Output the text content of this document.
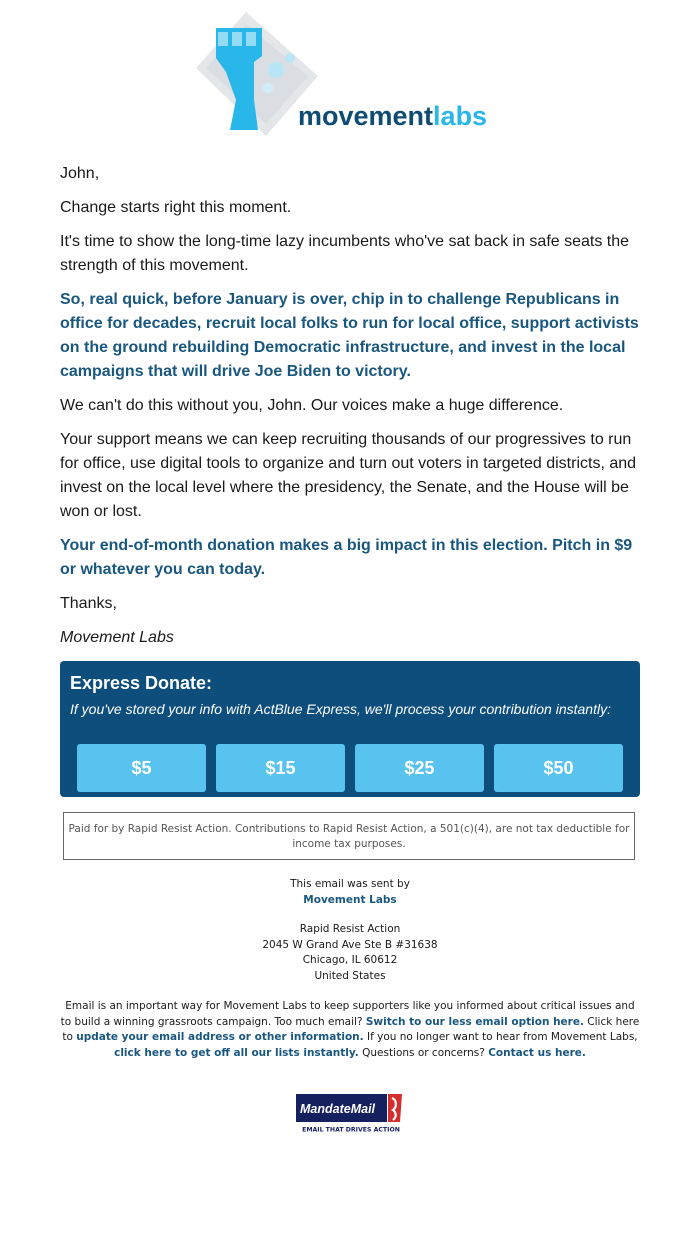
movementlabs

John,

Change starts right this moment.

It's time to show the long-time lazy incumbents who've sat back in safe seats the strength of this movement.

So, real quick, before January is over, chip in to challenge Republicans in office for decades, recruit local folks to run for local office, support activists on the ground rebuilding Democratic infrastructure, and invest in the local campaigns that will drive Joe Biden to victory.

We can't do this without you, John. Our voices make a huge difference.

Your support means we can keep recruiting thousands of our progressives to run for office, use digital tools to organize and turn out voters in targeted districts, and invest on the local level where the presidency, the Senate, and the House will be won or lost.

Your end-of-month donation makes a big impact in this election. Pitch in $9 or whatever you can today.

Thanks,

Movement Labs

Express Donate:
If you've stored your info with ActBlue Express, we'll process your contribution instantly:
$5	$15	$25	$50
Paid for by Rapid Resist Action. Contributions to Rapid Resist Action, a 501(c)(4), are not tax deductible for income tax purposes.
This email was sent by
Movement Labs
Rapid Resist Action
2045 W Grand Ave Ste B #31638
Chicago, IL 60612
United States
Email is an important way for Movement Labs to keep supporters like you informed about critical issues and to build a winning grassroots campaign. Too much email? Switch to our less email option here. Click here to update your email address or other information. If you no longer want to hear from Movement Labs, click here to get off all our lists instantly. Questions or concerns? Contact us here.
MandateMail
EMAIL THAT DRIVES ACTION
